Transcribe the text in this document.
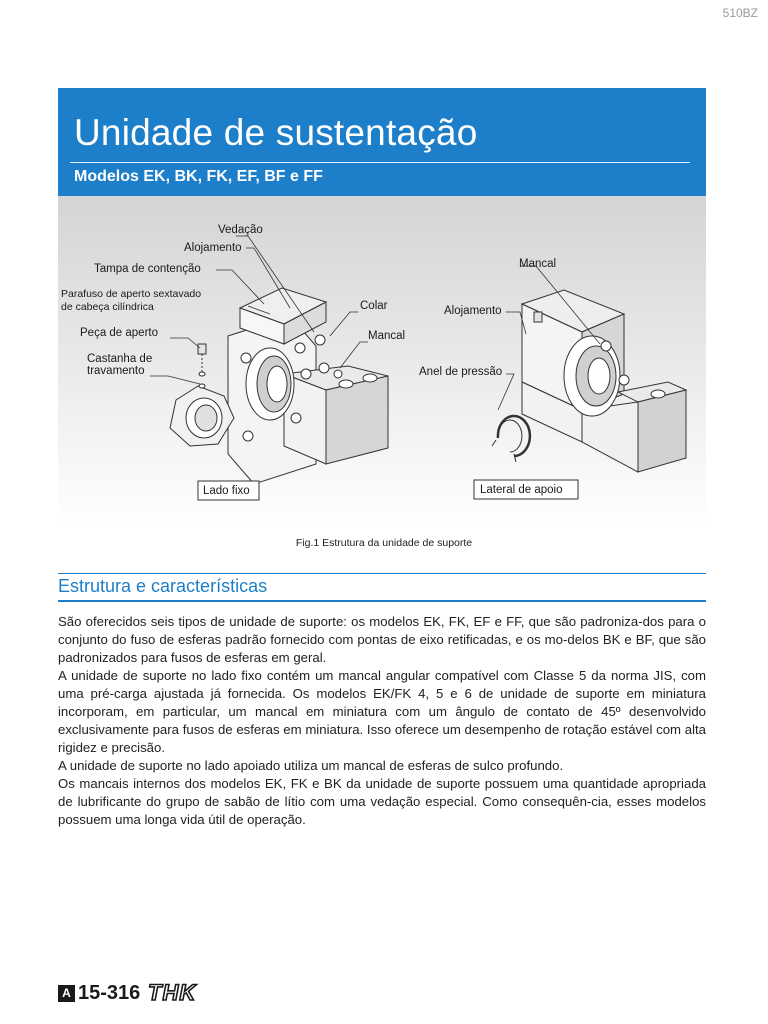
510BZ
Unidade de sustentação
Modelos EK, BK, FK, EF, BF e FF
Vedação
Alojamento
Tampa de contenção
Parafuso de aperto sextavado
de cabeça cilíndrica	Colar
Peça de aperto	Mancal
Castanha de
travamento
Mancal
Alojamento
Anel de pressão
Lado fixo	Lateral de apoio
Fig.1 Estrutura da unidade de suporte
Estrutura e características

São oferecidos seis tipos de unidade de suporte: os modelos EK, FK, EF e FF, que são padroniza-dos para o conjunto do fuso de esferas padrão fornecido com pontas de eixo retificadas, e os mo-delos BK e BF, que são padronizados para fusos de esferas em geral.

A unidade de suporte no lado fixo contém um mancal angular compatível com Classe 5 da norma JIS, com uma pré-carga ajustada já fornecida. Os modelos EK/FK 4, 5 e 6 de unidade de suporte em miniatura incorporam, em particular, um mancal em miniatura com um ângulo de contato de 45º desenvolvido exclusivamente para fusos de esferas em miniatura. Isso oferece um desempenho de rotação estável com alta rigidez e precisão.

A unidade de suporte no lado apoiado utiliza um mancal de esferas de sulco profundo.

Os mancais internos dos modelos EK, FK e BK da unidade de suporte possuem uma quantidade apropriada de lubrificante do grupo de sabão de lítio com uma vedação especial. Como consequên-cia, esses modelos possuem uma longa vida útil de operação.

A 15-316 THK
